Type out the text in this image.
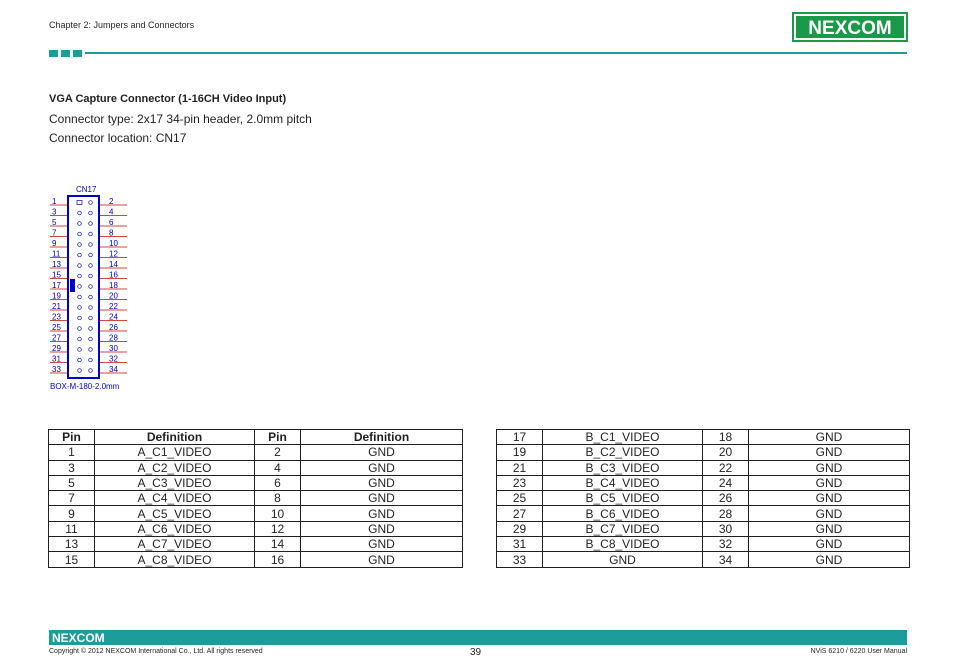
Chapter 2: Jumpers and Connectors	NEXCOM
VGA Capture Connector (1-16CH Video Input)
Connector type: 2x17 34-pin header, 2.0mm pitch
Connector location: CN17
1	2
3	4
5	6
7	8
9	10
11	12
13	14
15	16
17	18
19	20
21	22
23	24
25	26
27	28
29	30
31	32
33	34
CN17
BOX-M-180-2.0mm
Pin	Definition	Pin	Definition
1	A_C1_VIDEO	2	GND
3	A_C2_VIDEO	4	GND
5	A_C3_VIDEO	6	GND
7	A_C4_VIDEO	8	GND
9	A_C5_VIDEO	10	GND
11	A_C6_VIDEO	12	GND
13	A_C7_VIDEO	14	GND
15	A_C8_VIDEO	16	GND
17	B_C1_VIDEO	18	GND
19	B_C2_VIDEO	20	GND
21	B_C3_VIDEO	22	GND
23	B_C4_VIDEO	24	GND
25	B_C5_VIDEO	26	GND
27	B_C6_VIDEO	28	GND
29	B_C7_VIDEO	30	GND
31	B_C8_VIDEO	32	GND
33	GND	34	GND
NEXCOM
Copyright © 2012 NEXCOM International Co., Ltd. All rights reserved	39	NViS 6210 / 6220 User Manual
